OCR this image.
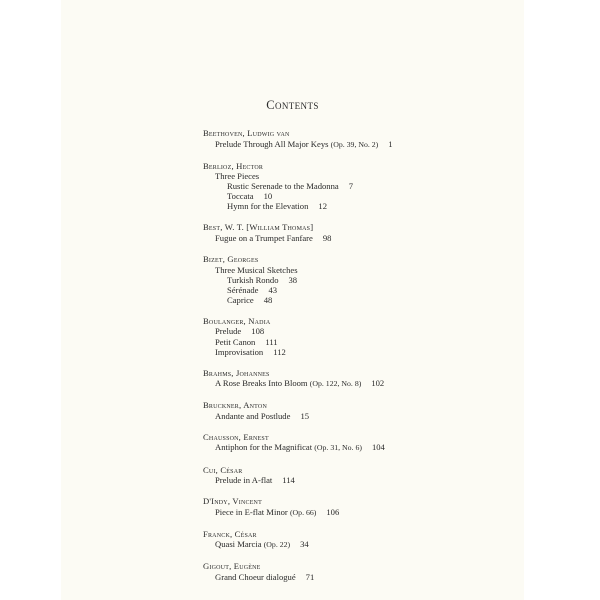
Contents
Beethoven, Ludwig van
Prelude Through All Major Keys (Op. 39, No. 2) 1
Berlioz, Hector
Three Pieces
Rustic Serenade to the Madonna 7
Toccata 10
Hymn for the Elevation 12
Best, W. T. [William Thomas]
Fugue on a Trumpet Fanfare 98
Bizet, Georges
Three Musical Sketches
Turkish Rondo 38
Sérénade 43
Caprice 48
Boulanger, Nadia
Prelude 108
Petit Canon 111
Improvisation 112
Brahms, Johannes
A Rose Breaks Into Bloom (Op. 122, No. 8) 102
Bruckner, Anton
Andante and Postlude 15
Chausson, Ernest
Antiphon for the Magnificat (Op. 31, No. 6) 104
Cui, César
Prelude in A-flat 114
D'Indy, Vincent
Piece in E-flat Minor (Op. 66) 106
Franck, César
Quasi Marcia (Op. 22) 34
Gigout, Eugène
Grand Choeur dialogué 71
